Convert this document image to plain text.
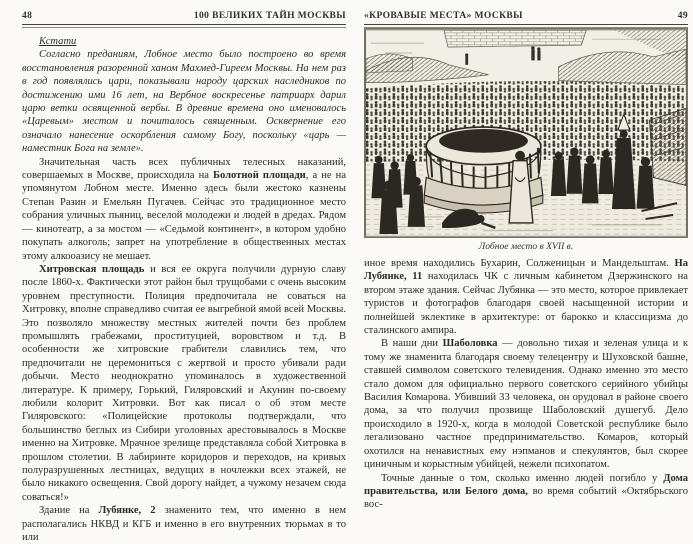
48	100 ВЕЛИКИХ ТАЙН МОСКВЫ

Кстати

Согласно преданиям, Лобное место было построено во время восстановления разоренной ханом Махмед-Гиреем Москвы. На нем раз в год появлялись цари, показывали народу царских наследников по достижению ими 16 лет, на Вербное воскресенье патриарх дарил царю ветки освященной вербы. В древние времена оно именовалось «Царевым» местом и почиталось священным. Осквернение его означало нанесение оскорбления самому Богу, поскольку «царь — наместник Бога на земле».

Значительная часть всех публичных телесных наказаний, совершаемых в Москве, происходила на Болотной площади, а не на упомянутом Лобном месте. Именно здесь были жестоко казнены Степан Разин и Емельян Пугачев. Сейчас это традиционное место собрания уличных пьяниц, веселой молодежи и людей в дредах. Рядом — кинотеатр, а за мостом — «Седьмой континент», в котором удобно покупать алкоголь; запрет на употребление в общественных местах этому алкооазису не мешает.

Хитровская площадь и вся ее округа получили дурную славу после 1860-х. Фактически этот район был трущобами с очень высоким уровнем преступности. Полиция предпочитала не соваться на Хитровку, вполне справедливо считая ее выгребной ямой всей Москвы. Это позволяло множеству местных жителей почти без проблем промышлять грабежами, проституцией, воровством и т.д. В особенности же хитровские грабители славились тем, что предпочитали не церемониться с жертвой и просто убивали ради добычи. Место неоднократно упоминалось в художественной литературе. К примеру, Горький, Гиляровский и Акунин по-своему любили колорит Хитровки. Вот как писал о об этом месте Гиляровского: «Полицейские протоколы подтверждали, что большинство беглых из Сибири уголовных арестовывалось в Москве именно на Хитровке. Мрачное зрелище представляла собой Хитровка в прошлом столетии. В лабиринте коридоров и переходов, на кривых полуразрушенных лестницах, ведущих в ночлежки всех этажей, не было никакого освещения. Свой дорогу найдет, а чужому незачем сюда соваться!»

Здание на Лубянке, 2 знаменито тем, что именно в нем располагались НКВД и КГБ и именно в его внутренних тюрьмах в то или

«КРОВАВЫЕ МЕСТА» МОСКВЫ	49
Лобное место в XVII в.

иное время находились Бухарин, Солженицын и Мандельштам. На Лубянке, 11 находилась ЧК с личным кабинетом Дзержинского на втором этаже здания. Сейчас Лубянка — это место, которое привлекает туристов и фотографов благодаря своей насыщенной истории и полнейшей эклектике в архитектуре: от барокко и классицизма до сталинского ампира.

В наши дни Шаболовка — довольно тихая и зеленая улица и к тому же знаменита благодаря своему телецентру и Шуховской башне, ставшей символом советского телевидения. Однако именно это место стало домом для официально первого советского серийного убийцы Василия Комарова. Убивший 33 человека, он орудовал в районе своего дома, за что получил прозвище Шаболовский душегуб. Дело происходило в 1920-х, когда в молодой Советской республике было легализовано частное предпринимательство. Комаров, который охотился на ненавистных ему нэпманов и спекулянтов, был скорее циничным и корыстным убийцей, нежели психопатом.

Точные данные о том, сколько именно людей погибло у Дома правительства, или Белого дома, во время событий «Октябрьского вос-
